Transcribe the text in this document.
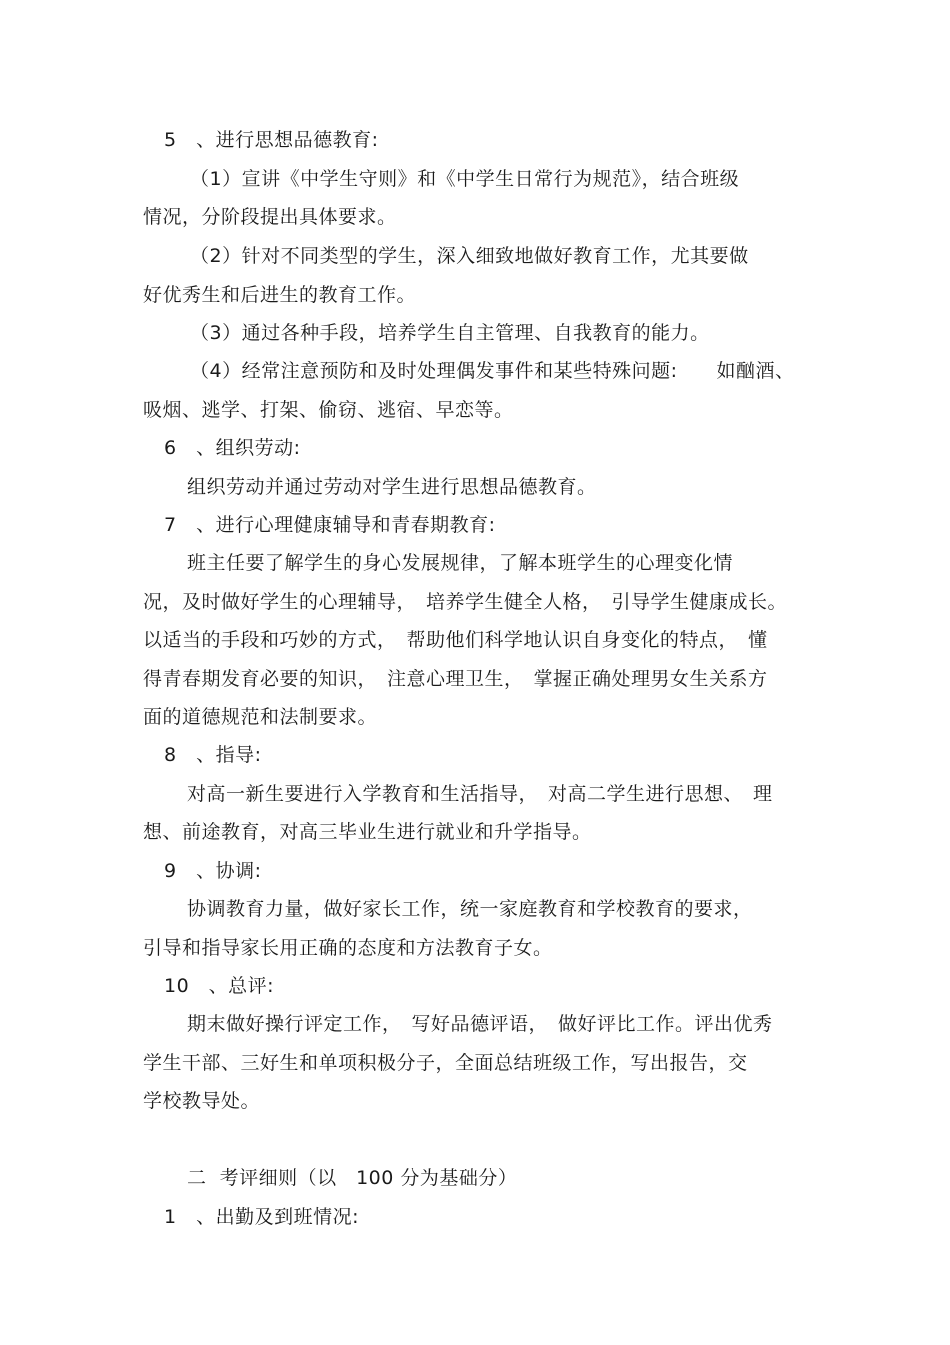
5　、进行思想品德教育:
（1）宣讲《中学生守则》和《中学生日常行为规范》，结合班级
情况，分阶段提出具体要求。
（2）针对不同类型的学生，深入细致地做好教育工作，尤其要做
好优秀生和后进生的教育工作。
（3）通过各种手段，培养学生自主管理、自我教育的能力。
（4）经常注意预防和及时处理偶发事件和某些特殊问题:　　如酗酒、
吸烟、逃学、打架、偷窃、逃宿、早恋等。
6　、组织劳动:
组织劳动并通过劳动对学生进行思想品德教育。
7　、进行心理健康辅导和青春期教育:
班主任要了解学生的身心发展规律，了解本班学生的心理变化情
况，及时做好学生的心理辅导，　培养学生健全人格，　引导学生健康成长。
以适当的手段和巧妙的方式，　帮助他们科学地认识自身变化的特点，　懂
得青春期发育必要的知识，　注意心理卫生，　掌握正确处理男女生关系方
面的道德规范和法制要求。
8　、指导:
对高一新生要进行入学教育和生活指导，　对高二学生进行思想、　理
想、前途教育，对高三毕业生进行就业和升学指导。
9　、协调:
协调教育力量，做好家长工作，统一家庭教育和学校教育的要求，
引导和指导家长用正确的态度和方法教育子女。
10　、总评:
期末做好操行评定工作，　写好品德评语，　做好评比工作。评出优秀
学生干部、三好生和单项积极分子，全面总结班级工作，写出报告，交
学校教导处。
二  考评细则（以　100 分为基础分）
1　、出勤及到班情况:
